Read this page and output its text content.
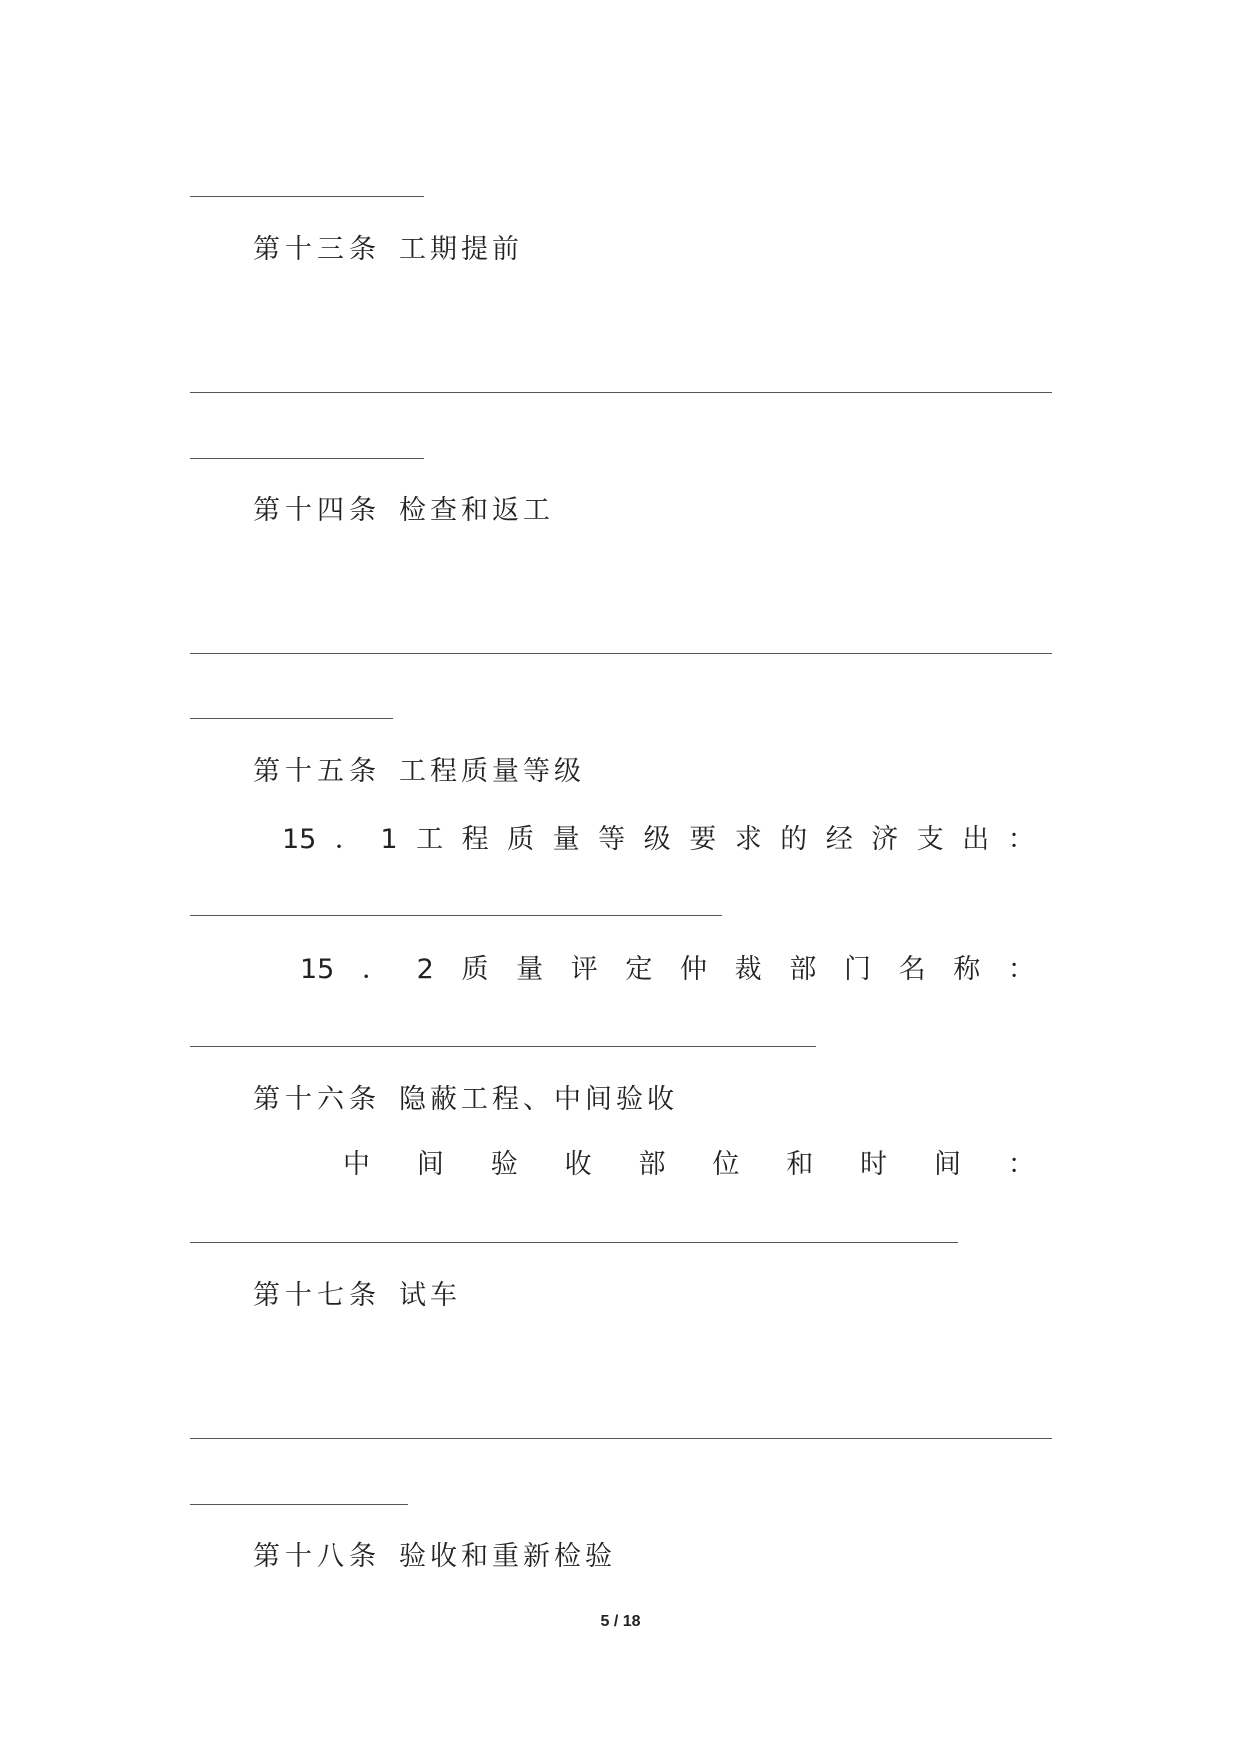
第十三条 工期提前
第十四条 检查和返工
第十五条 工程质量等级
15 ． 1 工 程 质 量 等 级 要 求 的 经 济 支 出 ：
15 ． 2 质 量 评 定 仲 裁 部 门 名 称 ：
第十六条 隐蔽工程、中间验收
中 间 验 收 部 位 和 时 间 ：
第十七条 试车
第十八条 验收和重新检验
5 / 18
